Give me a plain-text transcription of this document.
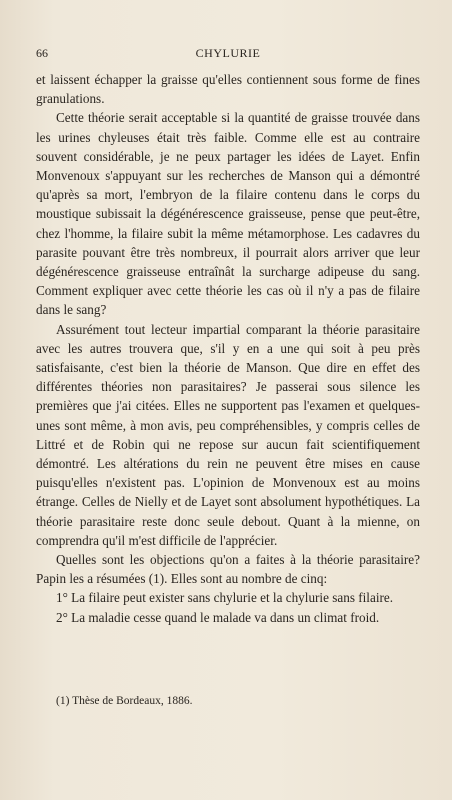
66	CHYLURIE

et laissent échapper la graisse qu'elles contiennent sous forme de fines granulations.

Cette théorie serait acceptable si la quantité de graisse trouvée dans les urines chyleuses était très faible. Comme elle est au contraire souvent considérable, je ne peux partager les idées de Layet. Enfin Monvenoux s'appuyant sur les recherches de Manson qui a démontré qu'après sa mort, l'embryon de la filaire contenu dans le corps du moustique subissait la dégénérescence graisseuse, pense que peut-être, chez l'homme, la filaire subit la même métamorphose. Les cadavres du parasite pouvant être très nombreux, il pourrait alors arriver que leur dégénérescence graisseuse entraînât la surcharge adipeuse du sang. Comment expliquer avec cette théorie les cas où il n'y a pas de filaire dans le sang?

Assurément tout lecteur impartial comparant la théorie parasitaire avec les autres trouvera que, s'il y en a une qui soit à peu près satisfaisante, c'est bien la théorie de Manson. Que dire en effet des différentes théories non parasitaires? Je passerai sous silence les premières que j'ai citées. Elles ne supportent pas l'examen et quelques-unes sont même, à mon avis, peu compréhensibles, y compris celles de Littré et de Robin qui ne repose sur aucun fait scientifiquement démontré. Les altérations du rein ne peuvent être mises en cause puisqu'elles n'existent pas. L'opinion de Monvenoux est au moins étrange. Celles de Nielly et de Layet sont absolument hypothétiques. La théorie parasitaire reste donc seule debout. Quant à la mienne, on comprendra qu'il m'est difficile de l'apprécier.

Quelles sont les objections qu'on a faites à la théorie parasitaire? Papin les a résumées (1). Elles sont au nombre de cinq:

1° La filaire peut exister sans chylurie et la chylurie sans filaire.

2° La maladie cesse quand le malade va dans un climat froid.

(1) Thèse de Bordeaux, 1886.
